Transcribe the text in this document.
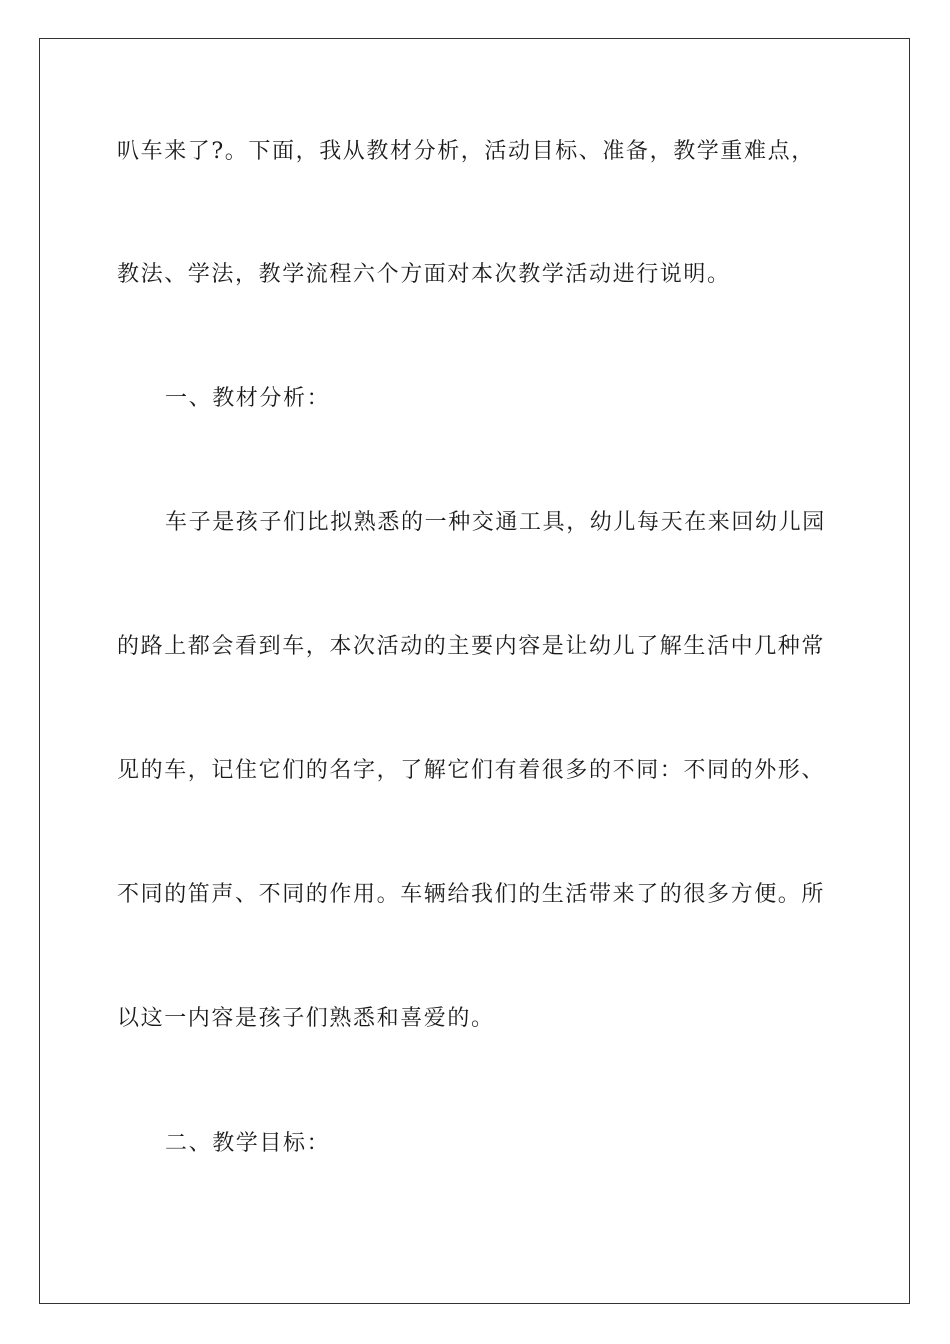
叭车来了?。下面，我从教材分析，活动目标、准备，教学重难点，
教法、学法，教学流程六个方面对本次教学活动进行说明。
一、教材分析：
车子是孩子们比拟熟悉的一种交通工具，幼儿每天在来回幼儿园
的路上都会看到车，本次活动的主要内容是让幼儿了解生活中几种常
见的车，记住它们的名字，了解它们有着很多的不同：不同的外形、
不同的笛声、不同的作用。车辆给我们的生活带来了的很多方便。所
以这一内容是孩子们熟悉和喜爱的。
二、教学目标：
